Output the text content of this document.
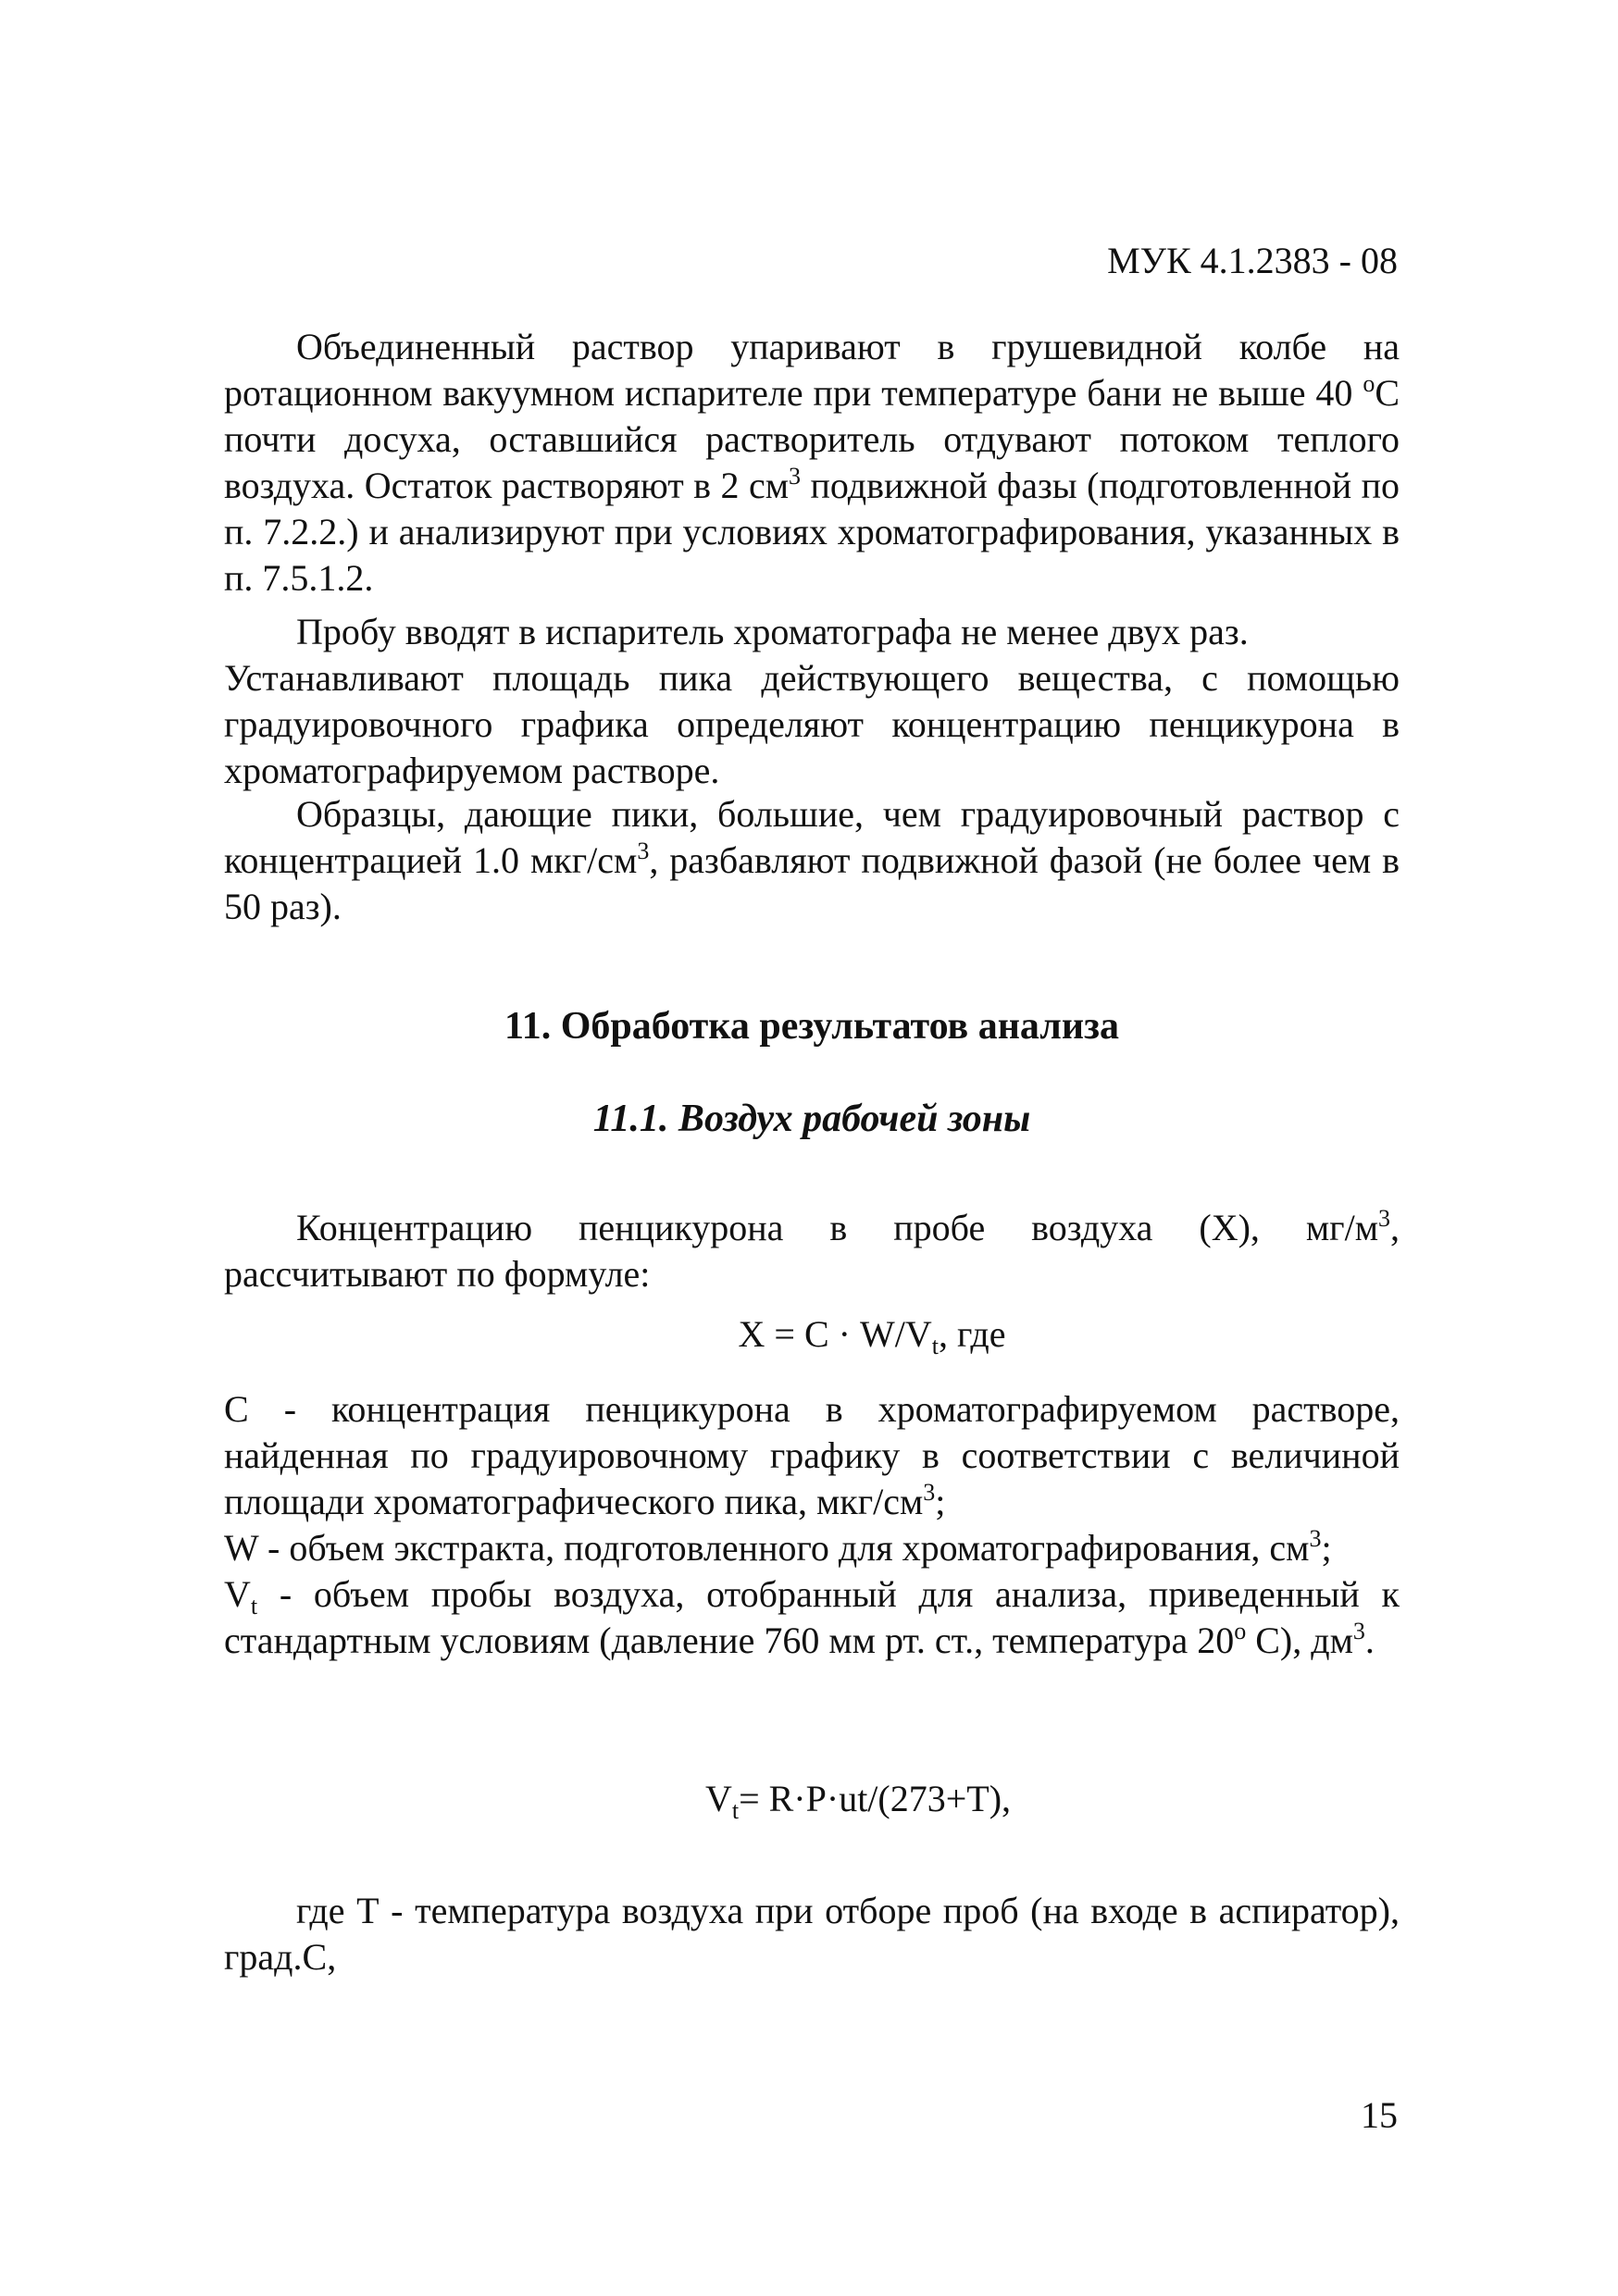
МУК 4.1.2383 - 08

Объединенный раствор упаривают в грушевидной колбе на ротационном вакуумном испарителе при температуре бани не выше 40 $^о$С почти досуха, оставшийся растворитель отдувают потоком теплого воздуха. Остаток растворяют в 2 $см^3$ подвижной фазы (подготовленной по п. 7.2.2.) и анализируют при условиях хроматографирования, указанных в п. 7.5.1.2.

Пробу вводят в испаритель хроматографа не менее двух раз.

Устанавливают площадь пика действующего вещества, с помощью градуировочного графика определяют концентрацию пенцикурона в хроматографируемом растворе.

Образцы, дающие пики, большие, чем градуировочный раствор с концентрацией 1.0 мкг/$см^3$, разбавляют подвижной фазой (не более чем в 50 раз).

11. Обработка результатов анализа
11.1. Воздух рабочей зоны

Концентрацию пенцикурона в пробе воздуха (Х), $мг/м^3$, рассчитывают по формуле:

$Х = С \cdot W/V_t$, где

С - концентрация пенцикурона в хроматографируемом растворе, найденная по градуировочному графику в соответствии с величиной площади хроматографического пика, мкг/$см^3$;

W - объем экстракта, подготовленного для хроматографирования, $см^3$;

$V_t$ - объем пробы воздуха, отобранный для анализа, приведенный к стандартным условиям (давление 760 мм рт. ст., температура $20^о$ С), $дм^3$.

$V_t= R\cdot P\cdot ut/(273+T)$,

где Т - температура воздуха при отборе проб (на входе в аспиратор), град.С,

15
